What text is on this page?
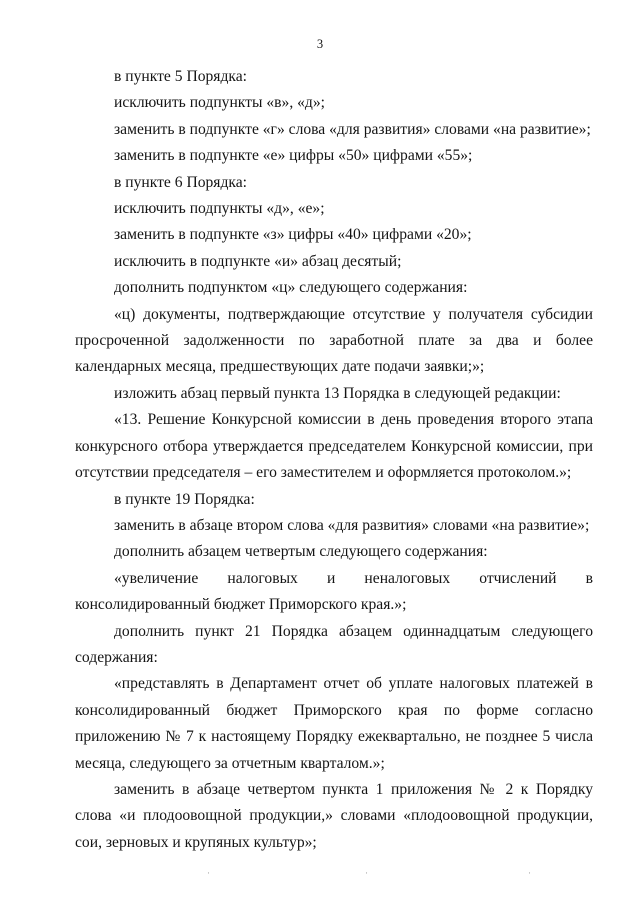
3

в пункте 5 Порядка:

исключить подпункты «в», «д»;

заменить в подпункте «г» слова «для развития» словами «на развитие»;

заменить в подпункте «е» цифры «50» цифрами «55»;

в пункте 6 Порядка:

исключить подпункты «д», «е»;

заменить в подпункте «з» цифры «40» цифрами «20»;

исключить в подпункте «и» абзац десятый;

дополнить подпунктом «ц» следующего содержания:

«ц) документы, подтверждающие отсутствие у получателя субсидии просроченной задолженности по заработной плате за два и более календарных месяца, предшествующих дате подачи заявки;»;

изложить абзац первый пункта 13 Порядка в следующей редакции:

«13. Решение Конкурсной комиссии в день проведения второго этапа конкурсного отбора утверждается председателем Конкурсной комиссии, при отсутствии председателя – его заместителем и оформляется протоколом.»;

в пункте 19 Порядка:

заменить в абзаце втором слова «для развития» словами «на развитие»;

дополнить абзацем четвертым следующего содержания:

«увеличение налоговых и неналоговых отчислений в консолидированный бюджет Приморского края.»;

дополнить пункт 21 Порядка абзацем одиннадцатым следующего содержания:

«представлять в Департамент отчет об уплате налоговых платежей в консолидированный бюджет Приморского края по форме согласно приложению № 7 к настоящему Порядку ежеквартально, не позднее 5 числа месяца, следующего за отчетным кварталом.»;

заменить в абзаце четвертом пункта 1 приложения № 2 к Порядку слова «и плодоовощной продукции,» словами «плодоовощной продукции, сои, зерновых и крупяных культур»;

·	·	·
